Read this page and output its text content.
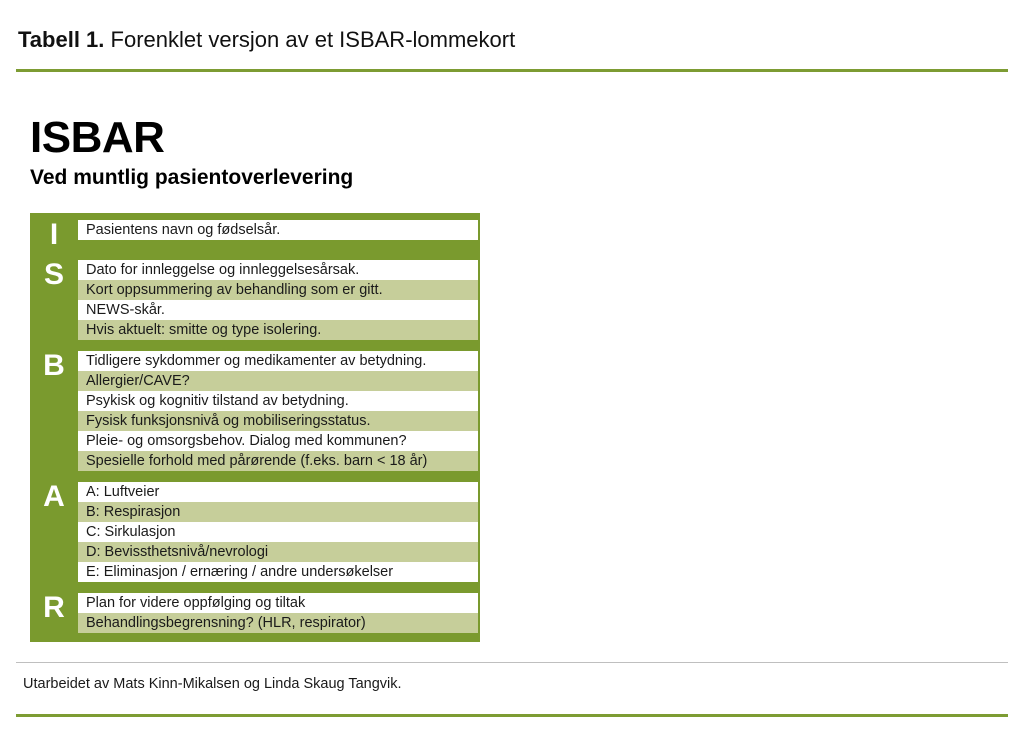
Tabell 1. Forenklet versjon av et ISBAR-lommekort
ISBAR
Ved muntlig pasientoverlevering
I	Pasientens navn og fødselsår.
S	Dato for innleggelse og innleggelsesårsak.
Kort oppsummering av behandling som er gitt.
NEWS-skår.
Hvis aktuelt: smitte og type isolering.
B	Tidligere sykdommer og medikamenter av betydning.
Allergier/CAVE?
Psykisk og kognitiv tilstand av betydning.
Fysisk funksjonsnivå og mobiliseringsstatus.
Pleie- og omsorgsbehov. Dialog med kommunen?
Spesielle forhold med pårørende (f.eks. barn < 18 år)
A	A: Luftveier
B: Respirasjon
C: Sirkulasjon
D: Bevissthetsnivå/nevrologi
E: Eliminasjon / ernæring / andre undersøkelser
R	Plan for videre oppfølging og tiltak
Behandlingsbegrensning? (HLR, respirator)
Utarbeidet av Mats Kinn-Mikalsen og Linda Skaug Tangvik.
